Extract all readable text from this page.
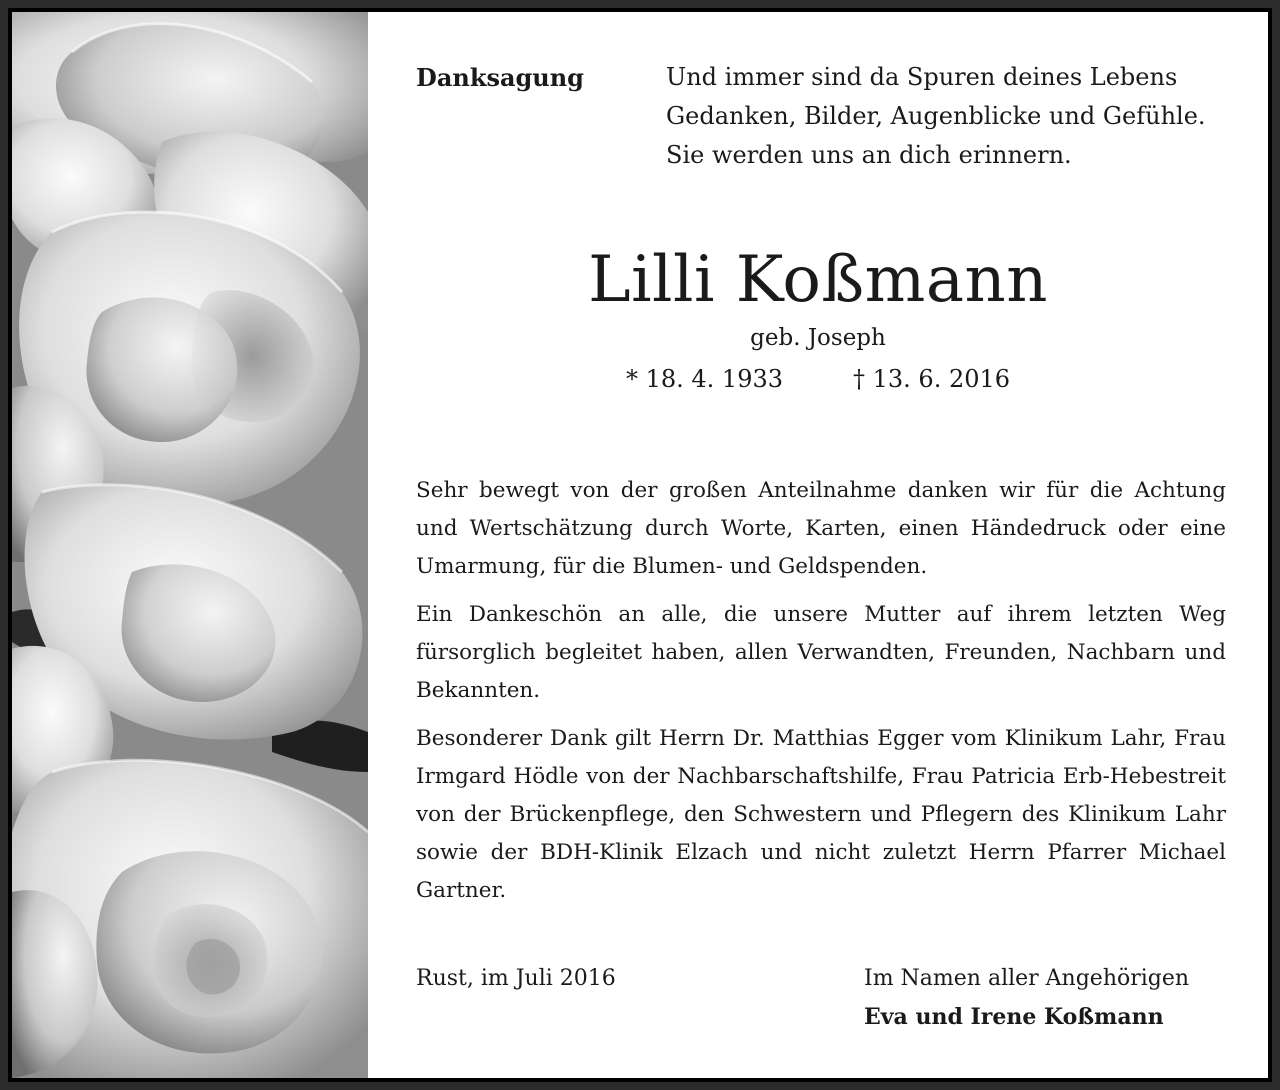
Danksagung	Und immer sind da Spuren deines Lebens
Gedanken, Bilder, Augenblicke und Gefühle.
Sie werden uns an dich erinnern.
Lilli Koßmann
geb. Joseph
* 18. 4. 1933	† 13. 6. 2016

Sehr bewegt von der großen Anteilnahme danken wir für die Achtung und Wertschätzung durch Worte, Karten, einen Händedruck oder eine Umarmung, für die Blumen- und Geldspenden.

Ein Dankeschön an alle, die unsere Mutter auf ihrem letzten Weg fürsorglich begleitet haben, allen Verwandten, Freunden, Nachbarn und Bekannten.

Besonderer Dank gilt Herrn Dr. Matthias Egger vom Klinikum Lahr, Frau Irmgard Hödle von der Nachbarschaftshilfe, Frau Patricia Erb-Hebestreit von der Brückenpflege, den Schwestern und Pflegern des Klinikum Lahr sowie der BDH-Klinik Elzach und nicht zuletzt Herrn Pfarrer Michael Gartner.

Rust, im Juli 2016	Im Namen aller Angehörigen
Eva und Irene Koßmann
